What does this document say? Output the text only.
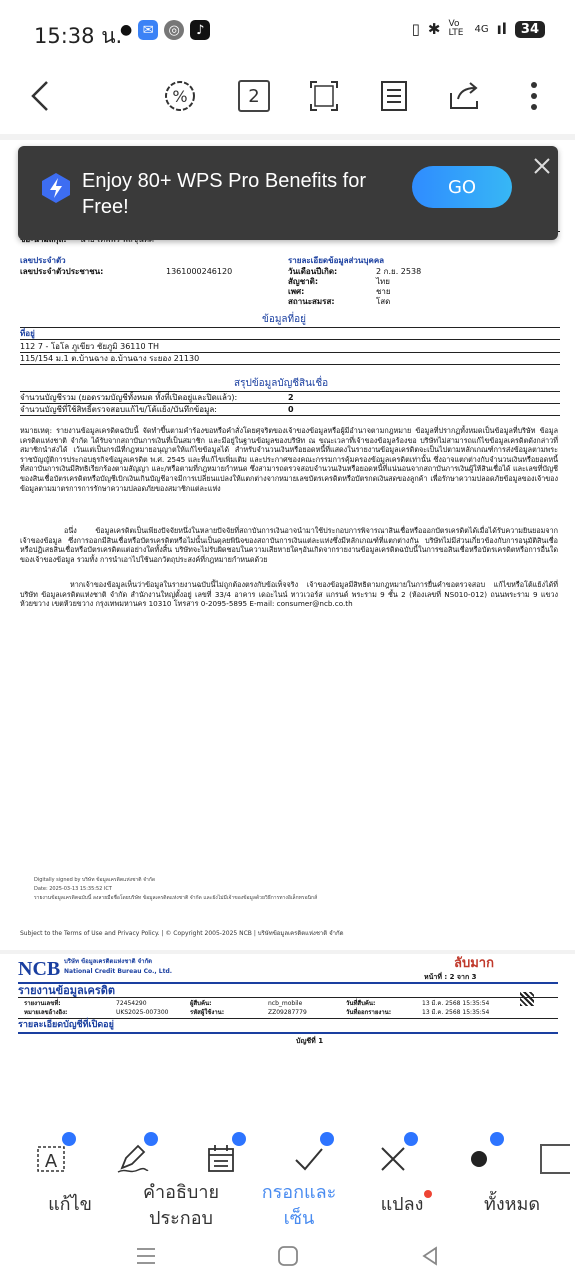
15:38 น.
● ✉	◎	♪	▯ ✱ Vo LTE	4G ıl	34
%	2
เลขประจำตัว	รายละเอียดข้อมูลส่วนบุคคล
เลขประจำตัวประชาชน:	1361000246120	วันเดือนปีเกิด:	2 ก.ย. 2538
สัญชาติ:	ไทย
เพศ:	ชาย
สถานะสมรส:	โสด
ข้อมูลที่อยู่
ที่อยู่
112 7 - โอโล ภูเขียว ชัยภูมิ 36110 TH
115/154 ม.1 ต.บ้านฉาง อ.บ้านฉาง ระยอง 21130
สรุปข้อมูลบัญชีสินเชื่อ
จำนวนบัญชีรวม (ยอดรวมบัญชีทั้งหมด ทั้งที่เปิดอยู่และปิดแล้ว):	2
จำนวนบัญชีที่ใช้สิทธิ์ตรวจสอบแก้ไข/โต้แย้ง/บันทึกข้อมูล:	0
หมายเหตุ: รายงานข้อมูลเครดิตฉบับนี้ จัดทำขึ้นตามคำร้องขอหรือคำสั่งโดยศุจริตของเจ้าของข้อมูลหรือผู้มีอำนาจตามกฎหมาย ข้อมูลที่ปรากฏทั้งหมดเป็นข้อมูลที่บริษัท ข้อมูลเครดิตแห่งชาติ จำกัด ได้รับจากสถาบันการเงินที่เป็นสมาชิก และมีอยู่ในฐานข้อมูลของบริษัท ณ ขณะเวลาที่เจ้าของข้อมูลร้องขอ บริษัทไม่สามารถแก้ไขข้อมูลเครดิตดังกล่าวที่สมาชิกนำส่งได้ เว้นแต่เป็นกรณีที่กฎหมายอนุญาตให้แก้ไขข้อมูลได้ สำหรับจำนวนเงินหรือยอดหนี้ที่แสดงในรายงานข้อมูลเครดิตจะเป็นไปตามหลักเกณฑ์การส่งข้อมูลตามพระราชบัญญัติการประกอบธุรกิจข้อมูลเครดิต พ.ศ. 2545 และที่แก้ไขเพิ่มเติม และประกาศของคณะกรรมการคุ้มครองข้อมูลเครดิตเท่านั้น ซึ่งอาจแตกต่างกับจำนวนเงินหรือยอดหนี้ที่สถาบันการเงินมีสิทธิเรียกร้องตามสัญญา และ/หรือตามที่กฎหมายกำหนด ซึ่งสามารถตรวจสอบจำนวนเงินหรือยอดหนี้ที่แน่นอนจากสถาบันการเงินผู้ให้สินเชื่อได้ และเลขที่บัญชีของสินเชื่อบัตรเครดิตหรือบัญชีเบิกเงินเกินบัญชีอาจมีการเปลี่ยนแปลงให้แตกต่างจากหมายเลขบัตรเครดิตหรือบัตรกดเงินสดของลูกค้า เพื่อรักษาความปลอดภัยข้อมูลของเจ้าของข้อมูลตามมาตรการการรักษาความปลอดภัยของสมาชิกแต่ละแห่ง
อนึ่ง ข้อมูลเครดิตเป็นเพียงปัจจัยหนึ่งในหลายปัจจัยที่สถาบันการเงินอาจนำมาใช้ประกอบการพิจารณาสินเชื่อหรือออกบัตรเครดิตได้เมื่อได้รับความยินยอมจากเจ้าของข้อมูล ซึ่งการออกมีสินเชื่อหรือบัตรเครดิตหรือไม่นั้นเป็นดุลยพินิจของสถาบันการเงินแต่ละแห่งซึ่งมีหลักเกณฑ์ที่แตกต่างกัน บริษัทไม่มีส่วนเกี่ยวข้องกับการอนุมัติสินเชื่อหรือปฏิเสธสินเชื่อหรือบัตรเครดิตแต่อย่างใดทั้งสิ้น บริษัทจะไม่รับผิดชอบในความเสียหายใดๆอันเกิดจากรายงานข้อมูลเครดิตฉบับนี้ในการขอสินเชื่อหรือบัตรเครดิตหรือการอื่นใดของเจ้าของข้อมูล รวมทั้ง การนำเอาไปใช้นอกวัตถุประสงค์ที่กฎหมายกำหนดด้วย
หากเจ้าของข้อมูลเห็นว่าข้อมูลในรายงานฉบับนี้ไม่ถูกต้องตรงกับข้อเท็จจริง เจ้าของข้อมูลมีสิทธิตามกฎหมายในการยื่นคำขอตรวจสอบ แก้ไขหรือโต้แย้งได้ที่ บริษัท ข้อมูลเครดิตแห่งชาติ จำกัด สำนักงานใหญ่ตั้งอยู่ เลขที่ 33/4 อาคาร เดอะไนน์ ทาวเวอร์ส แกรนด์ พระราม 9 ชั้น 2 (ห้องเลขที่ NS010-012) ถนนพระราม 9 แขวงห้วยขวาง เขตห้วยขวาง กรุงเทพมหานคร 10310 โทรสาร 0-2095-5895 E-mail: consumer@ncb.co.th
Digitally signed by บริษัท ข้อมูลเครดิตแห่งชาติ จำกัด
Date: 2025-03-13 15:35:52 ICT
รายงานข้อมูลเครดิตฉบับนี้ ลงลายมือชื่อโดยบริษัท ข้อมูลเครดิตแห่งชาติ จำกัด และยังไม่มีเจ้าของข้อมูลด้วยวิธีการทางอิเล็กทรอนิกส์
Subject to the Terms of Use and Privacy Policy. | © Copyright 2005-2025 NCB | บริษัทข้อมูลเครดิตแห่งชาติ จำกัด
NCB บริษัท ข้อมูลเครดิตแห่งชาติ จำกัด
National Credit Bureau Co., Ltd.
ลับมาก
หน้าที่ : 2 จาก 3
รายงานข้อมูลเครดิต
รายงานเลขที่:	72454290	ผู้สืบค้น:	ncb_mobile	วันที่สืบค้น:	13 มี.ค. 2568 15:35:54
หมายเลขอ้างอิง:	UKS2025-007300	รหัสผู้ใช้งาน:	ZZ09287779	วันที่ออกรายงาน:	13 มี.ค. 2568 15:35:54
รายละเอียดบัญชีที่เปิดอยู่
บัญชีที่ 1
Enjoy 80+ WPS Pro Benefits for Free!
GO
A
แก้ไข
คำอธิบาย
ประกอบ
กรอกและ
เซ็น
แปลง	ทั้งหมด
